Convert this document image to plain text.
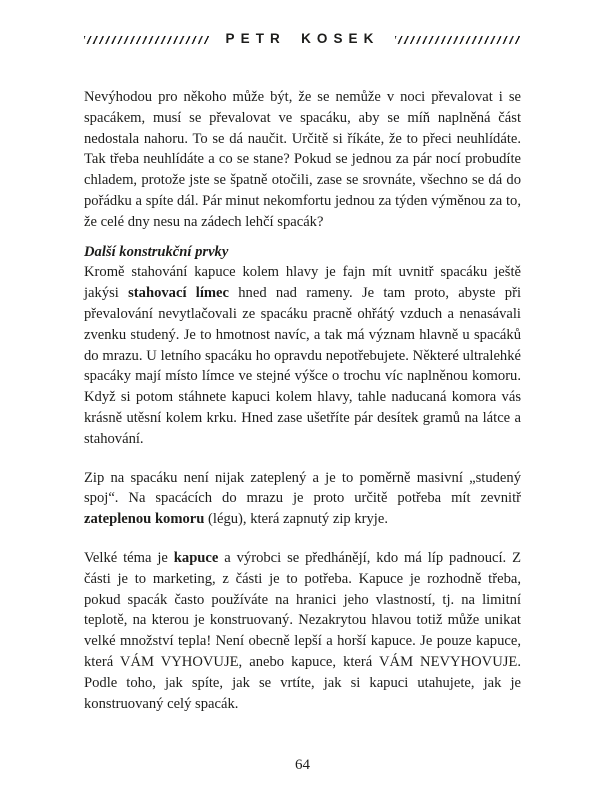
PETR KOSEK

Nevýhodou pro někoho může být, že se nemůže v noci převalovat i se spacákem, musí se převalovat ve spacáku, aby se míň naplněná část nedostala nahoru. To se dá naučit. Určitě si říkáte, že to přeci neuhlídáte. Tak třeba neuhlídáte a co se stane? Pokud se jednou za pár nocí probudíte chladem, protože jste se špatně otočili, zase se srovnáte, všechno se dá do pořádku a spíte dál. Pár minut nekomfortu jednou za týden výměnou za to, že celé dny nesu na zádech lehčí spacák?

Další konstrukční prvky

Kromě stahování kapuce kolem hlavy je fajn mít uvnitř spacáku ještě jakýsi stahovací límec hned nad rameny. Je tam proto, abyste při převalování nevytlačovali ze spacáku pracně ohřátý vzduch a nenasávali zvenku studený. Je to hmotnost navíc, a tak má význam hlavně u spacáků do mrazu. U letního spacáku ho opravdu nepotřebujete. Některé ultralehké spacáky mají místo límce ve stejné výšce o trochu víc naplněnou komoru. Když si potom stáhnete kapuci kolem hlavy, tahle naducaná komora vás krásně utěsní kolem krku. Hned zase ušetříte pár desítek gramů na látce a stahování.

Zip na spacáku není nijak zateplený a je to poměrně masivní „studený spoj“. Na spacácích do mrazu je proto určitě potřeba mít zevnitř zateplenou komoru (légu), která zapnutý zip kryje.

Velké téma je kapuce a výrobci se předhánějí, kdo má líp padnoucí. Z části je to marketing, z části je to potřeba. Kapuce je rozhodně třeba, pokud spacák často používáte na hranici jeho vlastností, tj. na limitní teplotě, na kterou je konstruovaný. Nezakrytou hlavou totiž může unikat velké množství tepla! Není obecně lepší a horší kapuce. Je pouze kapuce, která VÁM VYHOVUJE, anebo kapuce, která VÁM NEVYHOVUJE. Podle toho, jak spíte, jak se vrtíte, jak si kapuci utahujete, jak je konstruovaný celý spacák.

64
